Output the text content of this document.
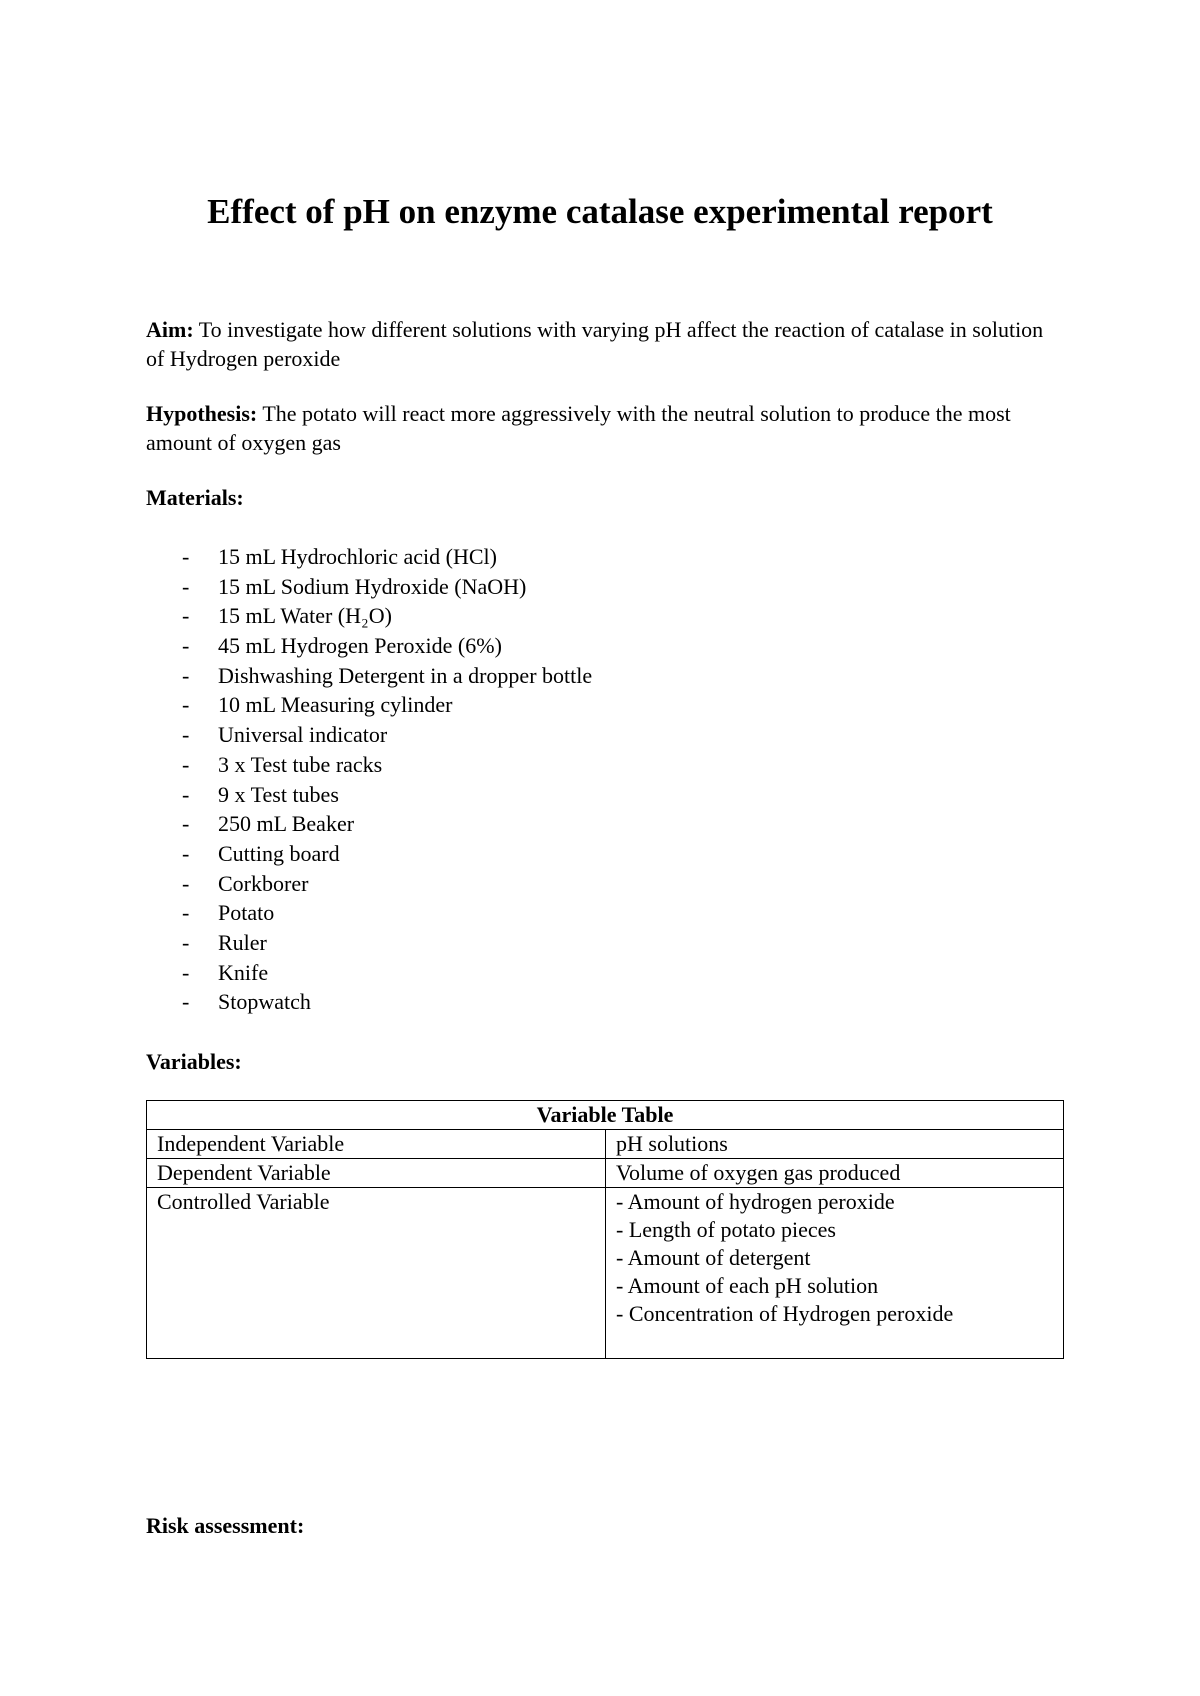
Effect of pH on enzyme catalase experimental report

Aim: To investigate how different solutions with varying pH affect the reaction of catalase in solution of Hydrogen peroxide

Hypothesis: The potato will react more aggressively with the neutral solution to produce the most amount of oxygen gas

Materials:

- 15 mL Hydrochloric acid (HCl)
- 15 mL Sodium Hydroxide (NaOH)
- 15 mL Water (H₂O)
- 45 mL Hydrogen Peroxide (6%)
- Dishwashing Detergent in a dropper bottle
- 10 mL Measuring cylinder
- Universal indicator
- 3 x Test tube racks
- 9 x Test tubes
- 250 mL Beaker
- Cutting board
- Corkborer
- Potato
- Ruler
- Knife
- Stopwatch

Variables:

Variable Table	
Independent Variable	pH solutions
Dependent Variable	Volume of oxygen gas produced
Controlled Variable	- Amount of hydrogen peroxide
- Length of potato pieces
- Amount of detergent
- Amount of each pH solution
- Concentration of Hydrogen peroxide

Risk assessment:
